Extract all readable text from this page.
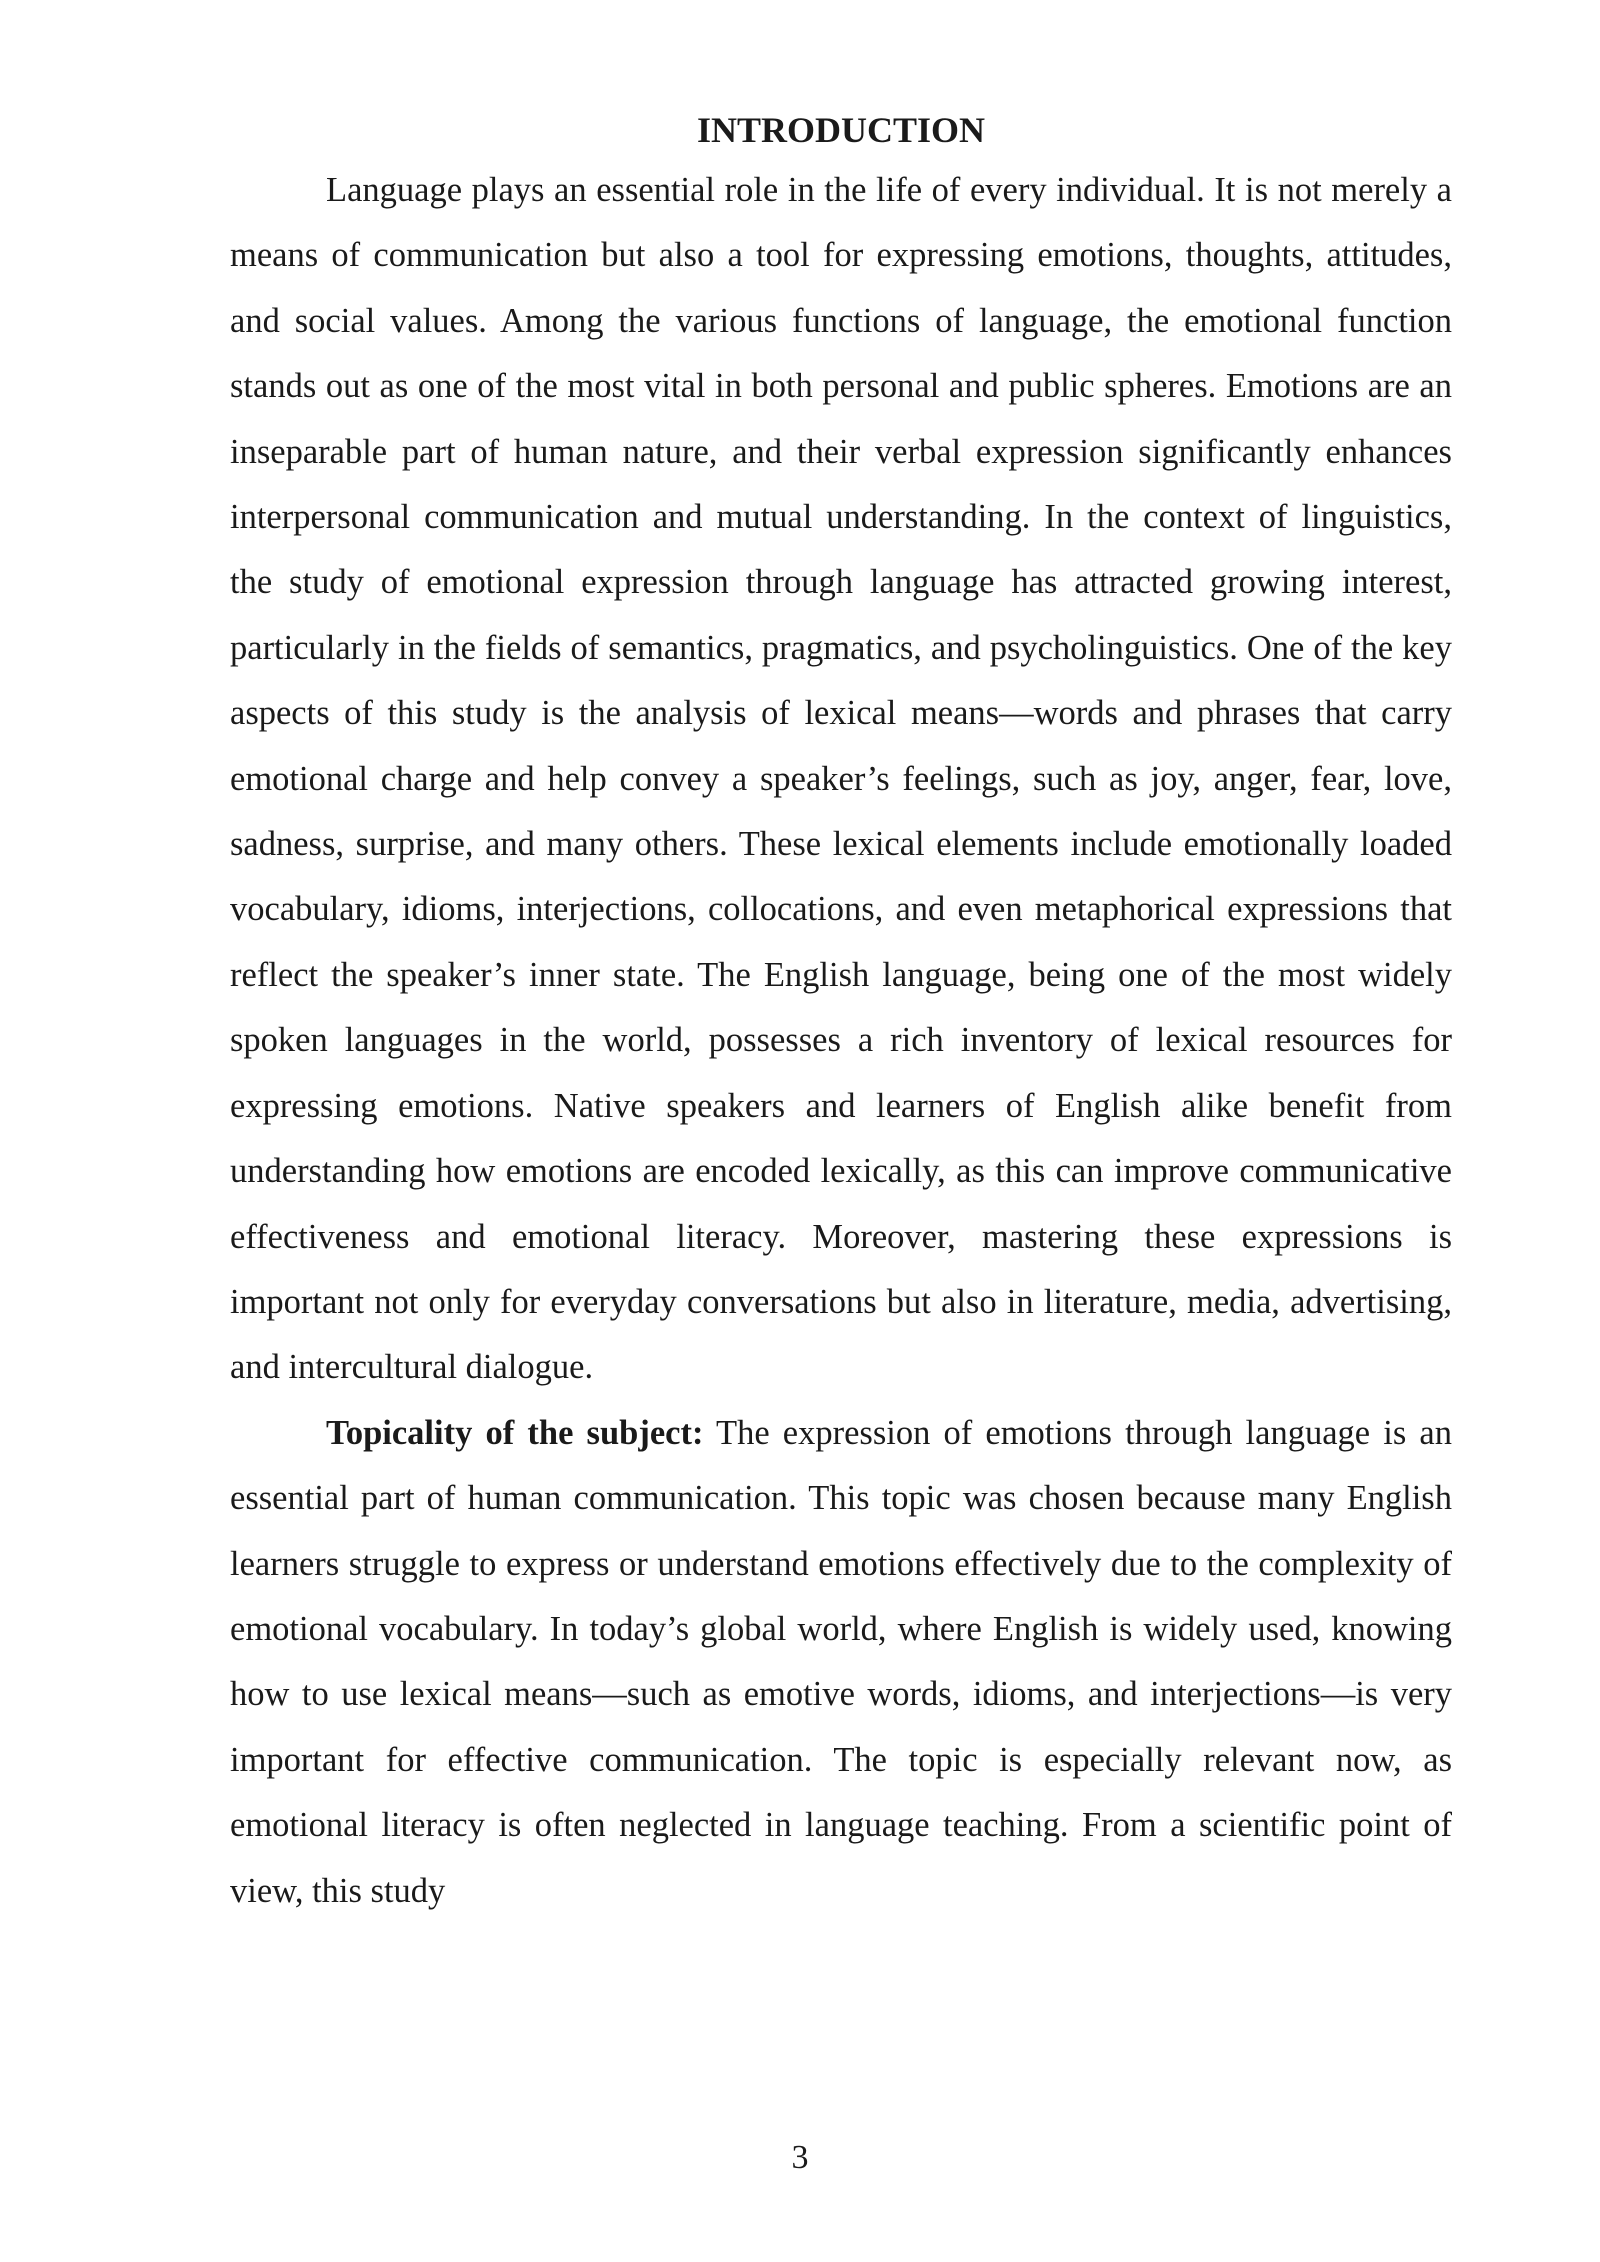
INTRODUCTION

Language plays an essential role in the life of every individual. It is not merely a means of communication but also a tool for expressing emotions, thoughts, attitudes, and social values. Among the various functions of language, the emotional function stands out as one of the most vital in both personal and public spheres. Emotions are an inseparable part of human nature, and their verbal expression significantly enhances interpersonal communication and mutual understanding. In the context of linguistics, the study of emotional expression through language has attracted growing interest, particularly in the fields of semantics, pragmatics, and psycholinguistics. One of the key aspects of this study is the analysis of lexical means—words and phrases that carry emotional charge and help convey a speaker’s feelings, such as joy, anger, fear, love, sadness, surprise, and many others. These lexical elements include emotionally loaded vocabulary, idioms, interjections, collocations, and even metaphorical expressions that reflect the speaker’s inner state. The English language, being one of the most widely spoken languages in the world, possesses a rich inventory of lexical resources for expressing emotions. Native speakers and learners of English alike benefit from understanding how emotions are encoded lexically, as this can improve communicative effectiveness and emotional literacy. Moreover, mastering these expressions is important not only for everyday conversations but also in literature, media, advertising, and intercultural dialogue.

Topicality of the subject: The expression of emotions through language is an essential part of human communication. This topic was chosen because many English learners struggle to express or understand emotions effectively due to the complexity of emotional vocabulary. In today’s global world, where English is widely used, knowing how to use lexical means—such as emotive words, idioms, and interjections—is very important for effective communication. The topic is especially relevant now, as emotional literacy is often neglected in language teaching. From a scientific point of view, this study

3
